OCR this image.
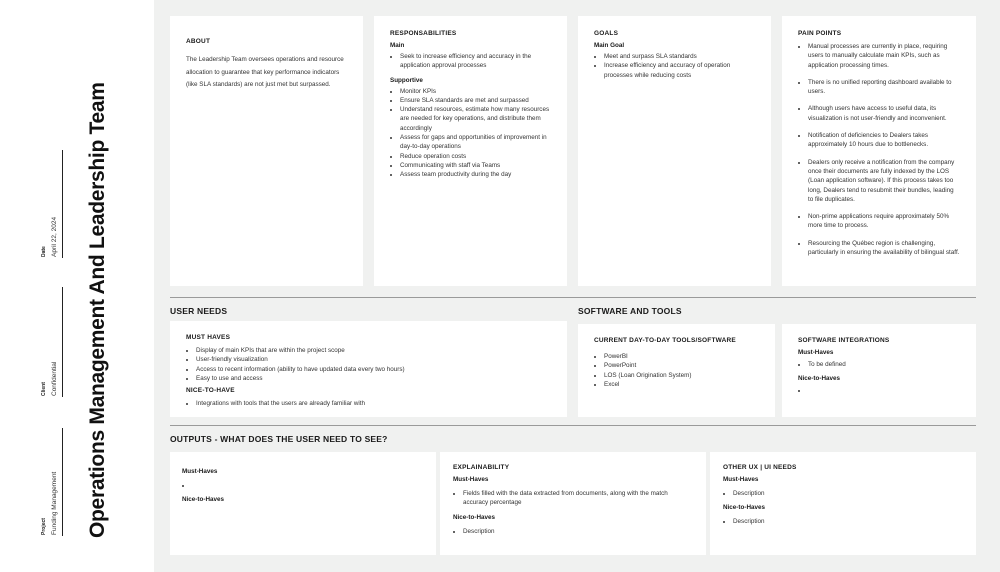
Operations Management And Leadership Team
Date April 22, 2024
Client Confidential
Project Funding Management
ABOUT

The Leadership Team oversees operations and resource allocation to guarantee that key performance indicators (like SLA standards) are not just met but surpassed.

RESPONSABILITIES
Main
• Seek to increase efficiency and accuracy in the application approval processes
Supportive
• Monitor KPIs
• Ensure SLA standards are met and surpassed
• Understand resources, estimate how many resources are needed for key operations, and distribute them accordingly
• Assess for gaps and opportunities of improvement in day-to-day operations
• Reduce operation costs
• Communicating with staff via Teams
• Assess team productivity during the day
GOALS
Main Goal
• Meet and surpass SLA standards
• Increase efficiency and accuracy of operation processes while reducing costs
PAIN POINTS
• Manual processes are currently in place, requiring users to manually calculate main KPIs, such as application processing times.
• There is no unified reporting dashboard available to users.
• Although users have access to useful data, its visualization is not user-friendly and inconvenient.
• Notification of deficiencies to Dealers takes approximately 10 hours due to bottlenecks.
• Dealers only receive a notification from the company once their documents are fully indexed by the LOS (Loan application software). If this process takes too long, Dealers tend to resubmit their bundles, leading to file duplicates.
• Non-prime applications require approximately 50% more time to process.
• Resourcing the Québec region is challenging, particularly in ensuring the availability of bilingual staff.
USER NEEDS	SOFTWARE AND TOOLS
MUST HAVES
• Display of main KPIs that are within the project scope
• User-friendly visualization
• Access to recent information (ability to have updated data every two hours)
• Easy to use and access
NICE-TO-HAVE
• Integrations with tools that the users are already familiar with
CURRENT DAY-TO-DAY TOOLS/SOFTWARE
• PowerBI
• PowerPoint
• LOS (Loan Origination System)
• Excel
SOFTWARE INTEGRATIONS
Must-Haves
• To be defined
Nice-to-Haves
•
OUTPUTS - WHAT DOES THE USER NEED TO SEE?
Must-Haves
•
Nice-to-Haves
EXPLAINABILITY
Must-Haves
• Fields filled with the data extracted from documents, along with the match accuracy percentage
Nice-to-Haves
• Description
OTHER UX | UI NEEDS
Must-Haves
• Description
Nice-to-Haves
• Description
